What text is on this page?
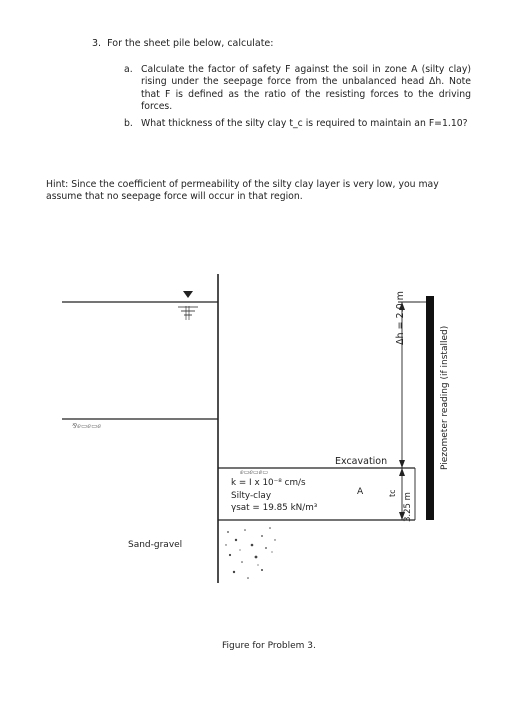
3. For the sheet pile below, calculate:
a. Calculate the factor of safety F against the soil in zone A (silty clay) rising under the seepage force from the unbalanced head Δh. Note that F is defined as the ratio of the resisting forces to the driving forces.
b. What thickness of the silty clay t_c is required to maintain an F=1.10?
Hint: Since the coefficient of permeability of the silty clay layer is very low, you may assume that no seepage force will occur in that region.
⅋ⅇ▭ⅇ▭ⅇ
ⅇ▭ⅇ▭ⅇ▭
Excavation
A
k = I x 10⁻⁸ cm/s
Silty-clay
γsat = 19.85 kN/m³
Sand-gravel
Δh = 2.0 m
tc 3.25 m
Piezometer reading (if installed)
Figure for Problem 3.
